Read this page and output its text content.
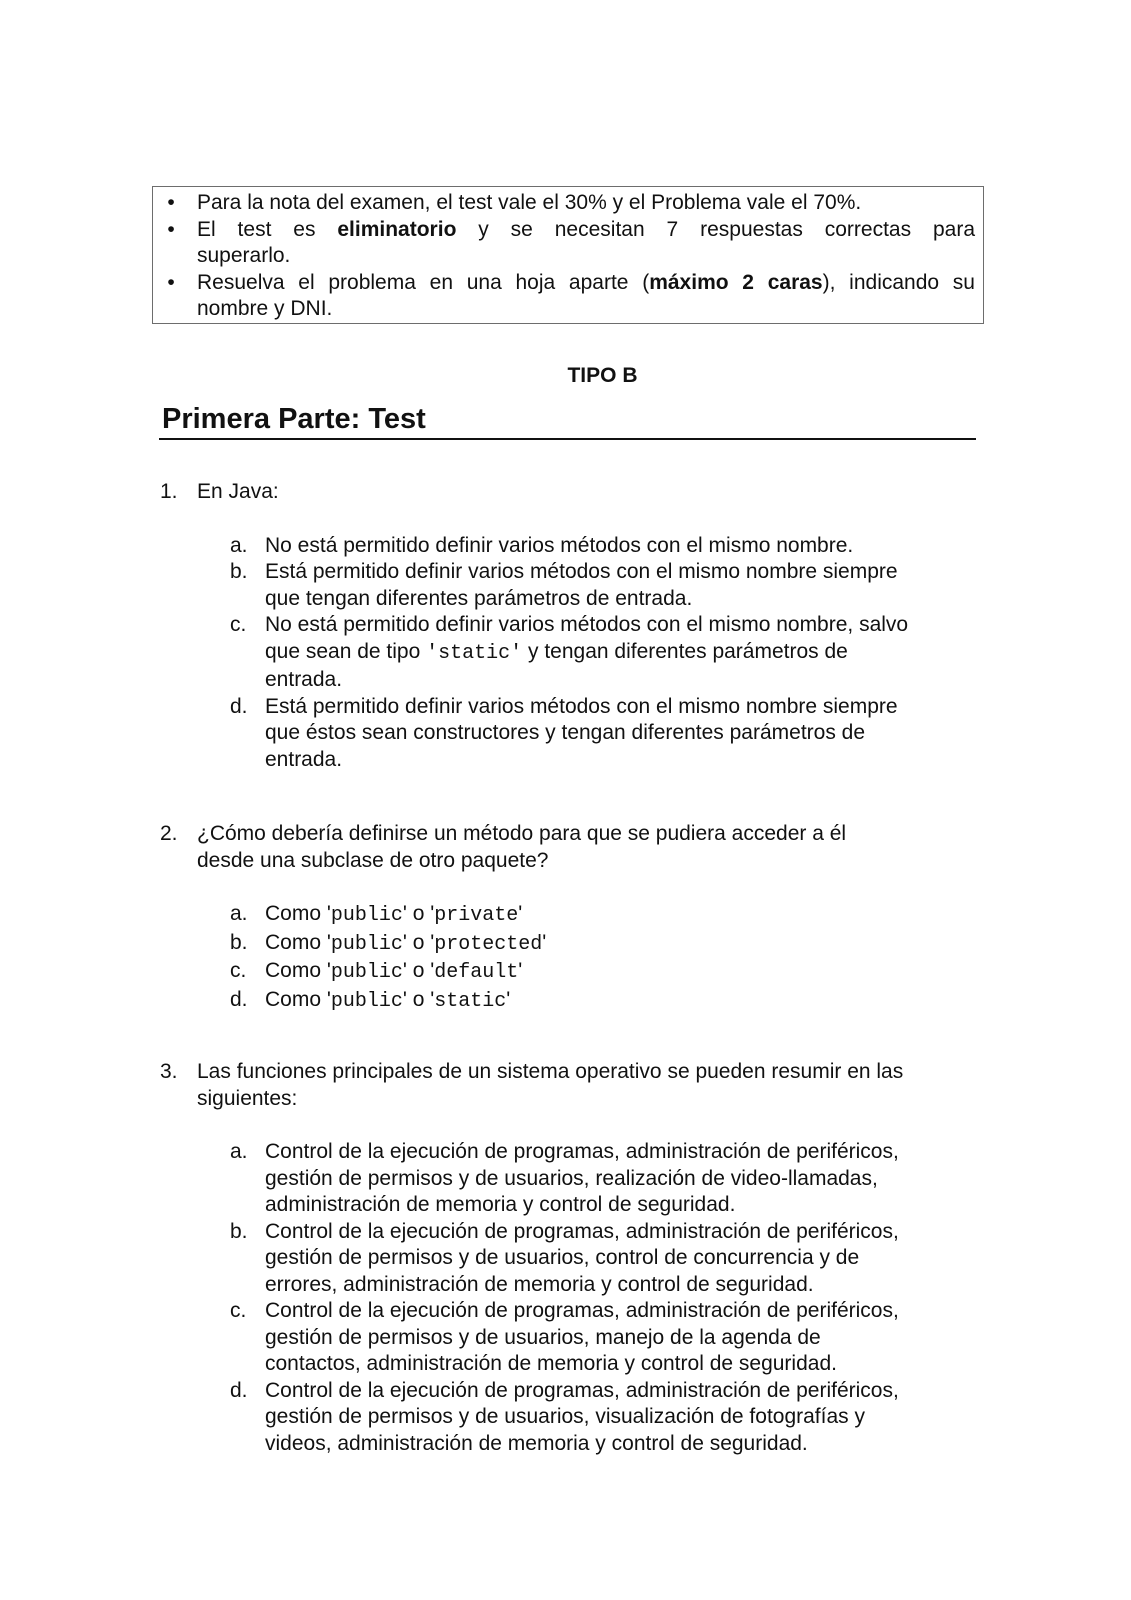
•	Para la nota del examen, el test vale el 30% y el Problema vale el 70%.
•	El test es eliminatorio y se necesitan 7 respuestas correctas para
superarlo.
•	Resuelva el problema en una hoja aparte (máximo 2 caras), indicando su
nombre y DNI.
TIPO B
Primera Parte: Test
1. En Java:
a. No está permitido definir varios métodos con el mismo nombre.
b. Está permitido definir varios métodos con el mismo nombre siempre
que tengan diferentes parámetros de entrada.
c. No está permitido definir varios métodos con el mismo nombre, salvo
que sean de tipo 'static' y tengan diferentes parámetros de
entrada.
d. Está permitido definir varios métodos con el mismo nombre siempre
que éstos sean constructores y tengan diferentes parámetros de
entrada.
2. ¿Cómo debería definirse un método para que se pudiera acceder a él
desde una subclase de otro paquete?
a. Como 'public' o 'private'
b. Como 'public' o 'protected'
c. Como 'public' o 'default'
d. Como 'public' o 'static'
3. Las funciones principales de un sistema operativo se pueden resumir en las
siguientes:
a. Control de la ejecución de programas, administración de periféricos,
gestión de permisos y de usuarios, realización de video-llamadas,
administración de memoria y control de seguridad.
b. Control de la ejecución de programas, administración de periféricos,
gestión de permisos y de usuarios, control de concurrencia y de
errores, administración de memoria y control de seguridad.
c. Control de la ejecución de programas, administración de periféricos,
gestión de permisos y de usuarios, manejo de la agenda de
contactos, administración de memoria y control de seguridad.
d. Control de la ejecución de programas, administración de periféricos,
gestión de permisos y de usuarios, visualización de fotografías y
videos, administración de memoria y control de seguridad.
